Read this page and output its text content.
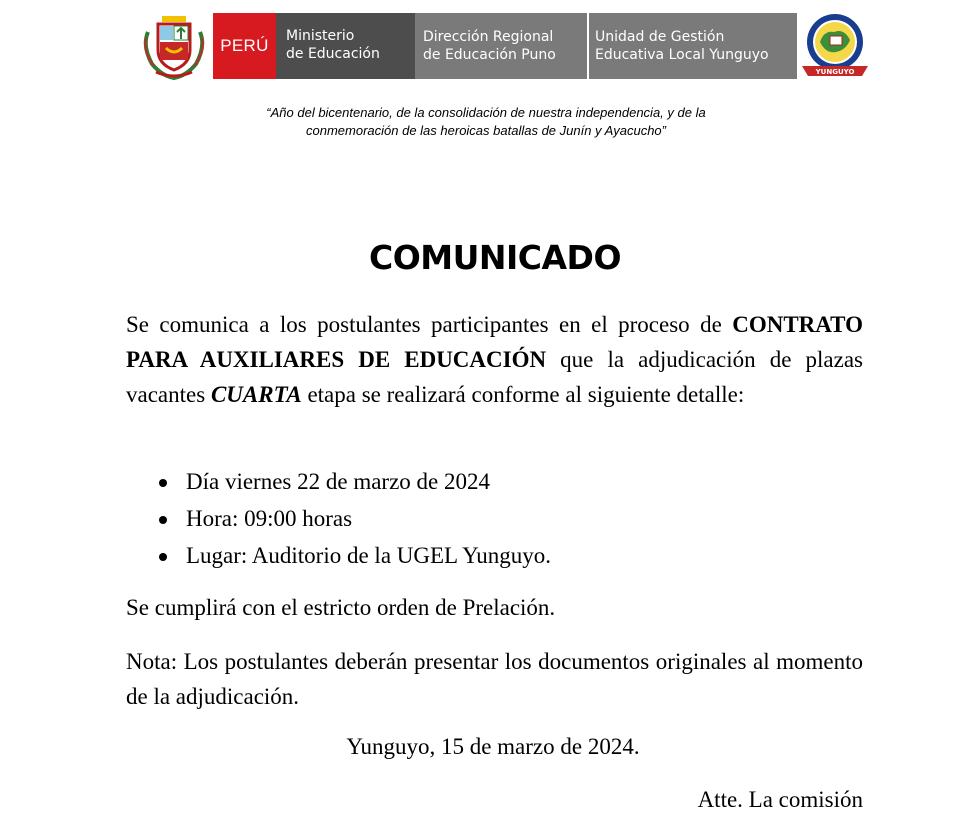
PERÚ	Ministerio
de Educación
Dirección Regional
de Educación Puno
Unidad de Gestión
Educativa Local Yunguyo
YUNGUYO
“Año del bicentenario, de la consolidación de nuestra independencia, y de la
conmemoración de las heroicas batallas de Junín y Ayacucho”
COMUNICADO
Se comunica a los postulantes participantes en el proceso de CONTRATO PARA AUXILIARES DE EDUCACIÓN que la adjudicación de plazas vacantes CUARTA etapa se realizará conforme al siguiente detalle:
Día viernes 22 de marzo de 2024
Hora: 09:00 horas
Lugar: Auditorio de la UGEL Yunguyo.
Se cumplirá con el estricto orden de Prelación.
Nota: Los postulantes deberán presentar los documentos originales al momento de la adjudicación.
Yunguyo, 15 de marzo de 2024.
Atte. La comisión
